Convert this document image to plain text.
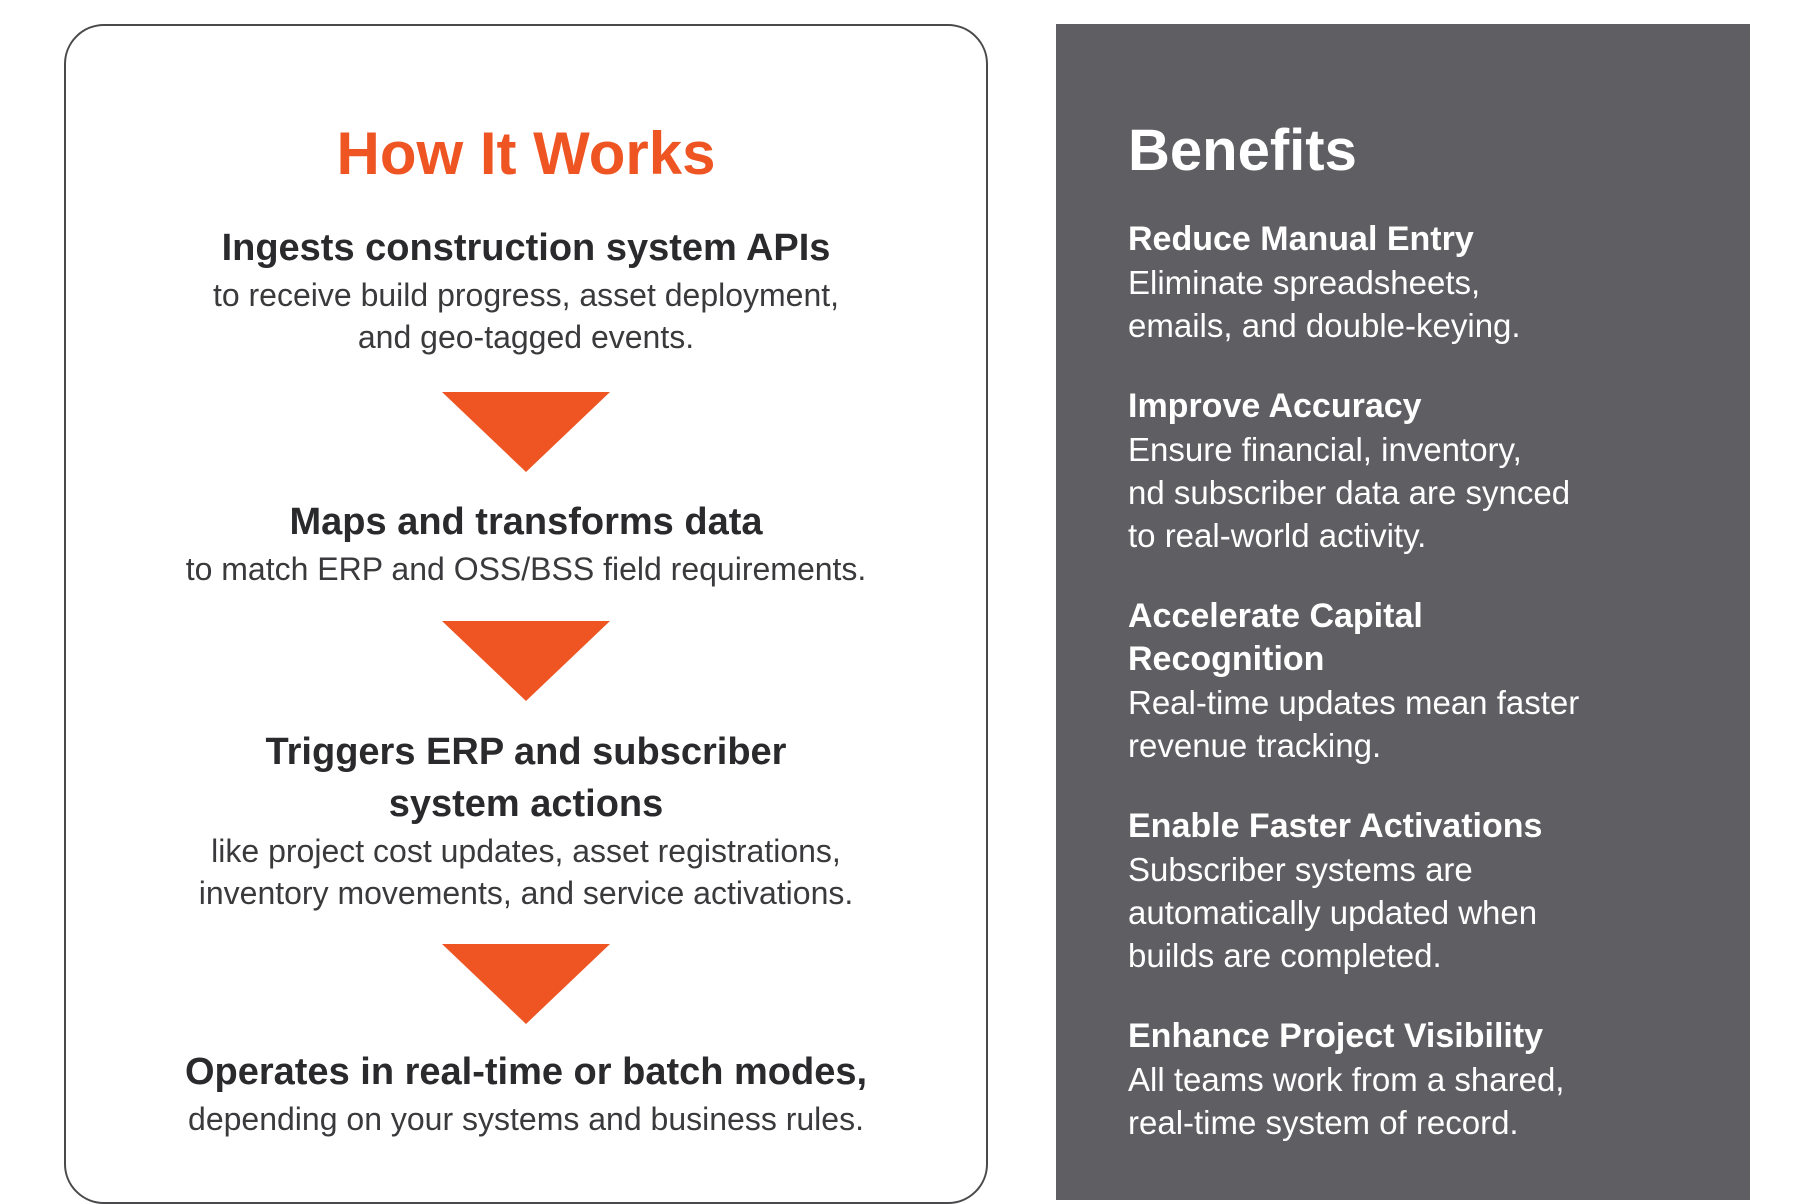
How It Works

Ingests construction system APIs

to receive build progress, asset deployment,

and geo-tagged events.

Maps and transforms data

to match ERP and OSS/BSS field requirements.

Triggers ERP and subscriber

system actions

like project cost updates, asset registrations,

inventory movements, and service activations.

Operates in real-time or batch modes,

depending on your systems and business rules.

Benefits

Reduce Manual Entry

Eliminate spreadsheets,

emails, and double-keying.

Improve Accuracy

Ensure financial, inventory,

nd subscriber data are synced

to real-world activity.

Accelerate Capital

Recognition

Real-time updates mean faster

revenue tracking.

Enable Faster Activations

Subscriber systems are

automatically updated when

builds are completed.

Enhance Project Visibility

All teams work from a shared,

real-time system of record.
